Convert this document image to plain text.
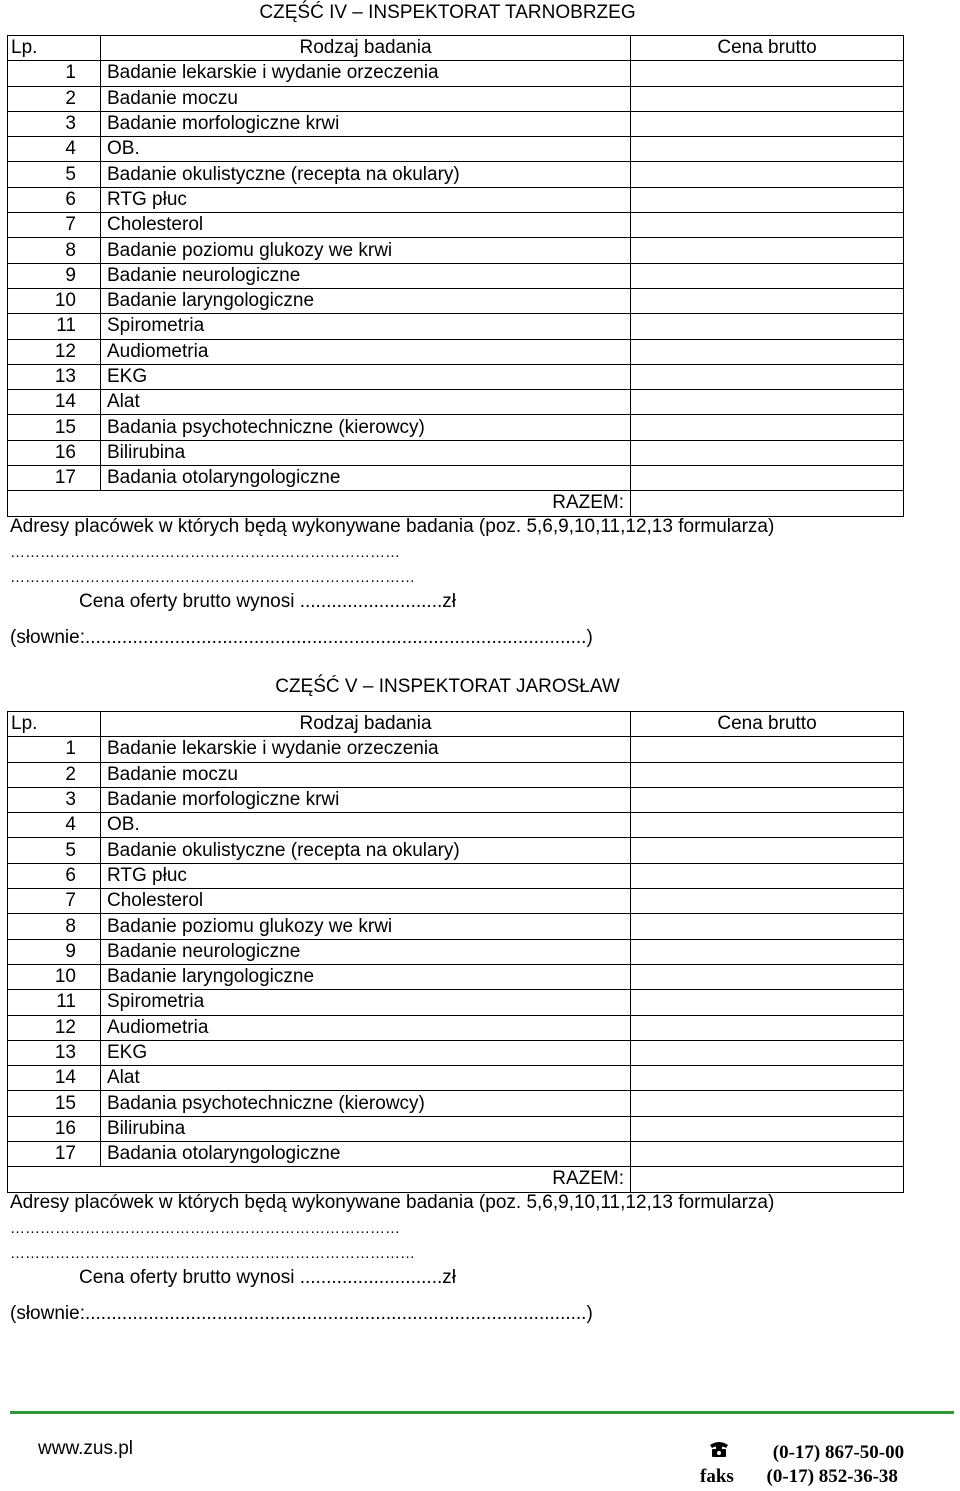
CZĘŚĆ IV – INSPEKTORAT TARNOBRZEG
Lp.	Rodzaj badania	Cena brutto
1	Badanie lekarskie i wydanie orzeczenia	
2	Badanie moczu	
3	Badanie morfologiczne krwi	
4	OB.	
5	Badanie okulistyczne (recepta na okulary)	
6	RTG płuc	
7	Cholesterol	
8	Badanie poziomu glukozy we krwi	
9	Badanie neurologiczne	
10	Badanie laryngologiczne	
11	Spirometria	
12	Audiometria	
13	EKG	
14	Alat	
15	Badania psychotechniczne (kierowcy)	
16	Bilirubina	
17	Badania otolaryngologiczne	
RAZEM:		
Adresy placówek w których będą wykonywane badania (poz. 5,6,9,10,11,12,13 formularza)
……………………………………………………………………
………………………………………………………………………
Cena oferty brutto wynosi ...........................zł
(słownie:...............................................................................................)
CZĘŚĆ V – INSPEKTORAT JAROSŁAW
Lp.	Rodzaj badania	Cena brutto
1	Badanie lekarskie i wydanie orzeczenia	
2	Badanie moczu	
3	Badanie morfologiczne krwi	
4	OB.	
5	Badanie okulistyczne (recepta na okulary)	
6	RTG płuc	
7	Cholesterol	
8	Badanie poziomu glukozy we krwi	
9	Badanie neurologiczne	
10	Badanie laryngologiczne	
11	Spirometria	
12	Audiometria	
13	EKG	
14	Alat	
15	Badania psychotechniczne (kierowcy)	
16	Bilirubina	
17	Badania otolaryngologiczne	
RAZEM:		
Adresy placówek w których będą wykonywane badania (poz. 5,6,9,10,11,12,13 formularza)
……………………………………………………………………
………………………………………………………………………
Cena oferty brutto wynosi ...........................zł
(słownie:...............................................................................................)
www.zus.pl	(0-17) 867-50-00
faks (0-17) 852-36-38
